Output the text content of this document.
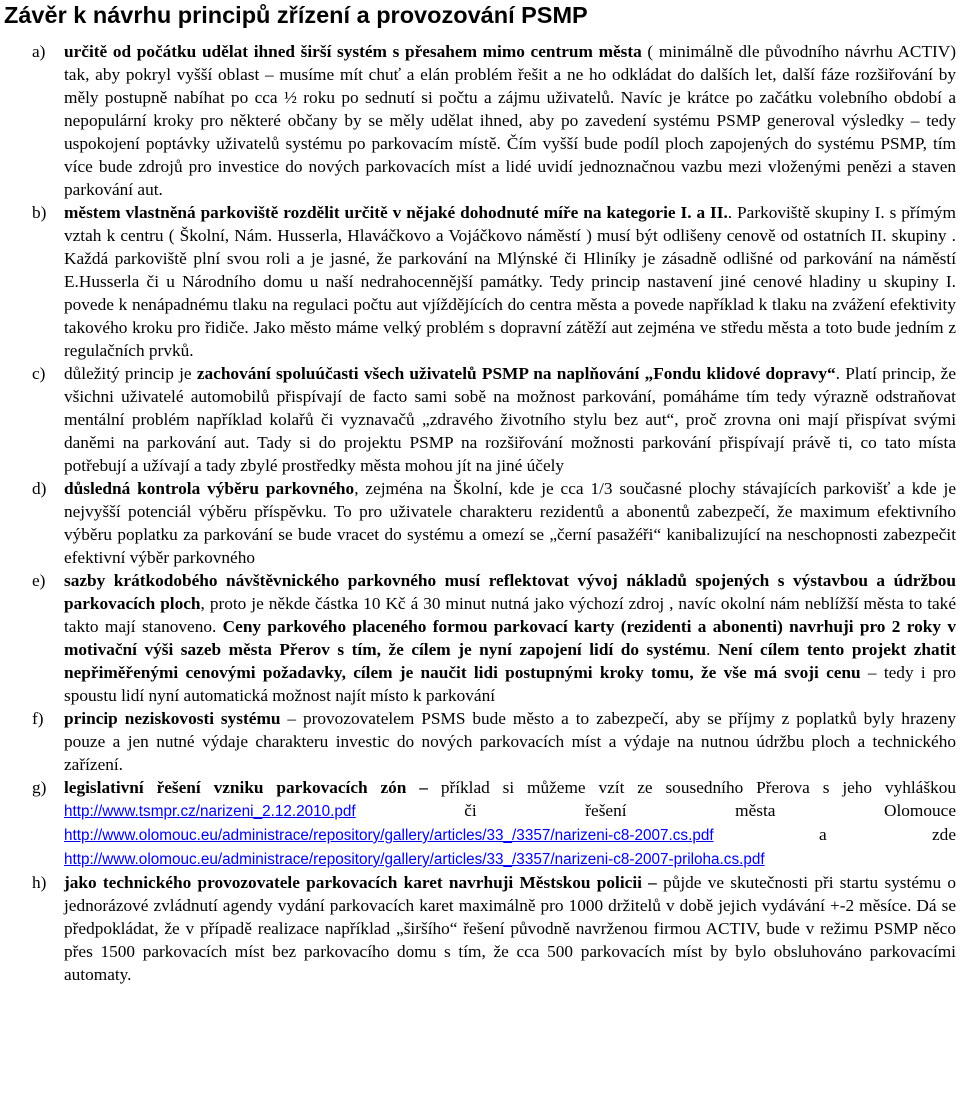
Závěr k návrhu principů zřízení a provozování PSMP
a) určitě od počátku udělat ihned širší systém s přesahem mimo centrum města ( minimálně dle původního návrhu ACTIV) tak, aby pokryl vyšší oblast – musíme mít chuť a elán problém řešit a ne ho odkládat do dalších let, další fáze rozšiřování by měly postupně nabíhat po cca ½ roku po sednutí si počtu a zájmu uživatelů. Navíc je krátce po začátku volebního období a nepopulární kroky pro některé občany by se měly udělat ihned, aby po zavedení systému PSMP generoval výsledky – tedy uspokojení poptávky uživatelů systému po parkovacím místě. Čím vyšší bude podíl ploch zapojených do systému PSMP, tím více bude zdrojů pro investice do nových parkovacích míst a lidé uvidí jednoznačnou vazbu mezi vloženými penězi a staven parkování aut.
b) městem vlastněná parkoviště rozdělit určitě v nějaké dohodnuté míře na kategorie I. a II.. Parkoviště skupiny I. s přímým vztah k centru ( Školní, Nám. Husserla, Hlaváčkovo a Vojáčkovo náměstí ) musí být odlišeny cenově od ostatních II. skupiny . Každá parkoviště plní svou roli a je jasné, že parkování na Mlýnské či Hliníky je zásadně odlišné od parkování na náměstí E.Husserla či u Národního domu u naší nedrahocennější památky. Tedy princip nastavení jiné cenové hladiny u skupiny I. povede k nenápadnému tlaku na regulaci počtu aut vjíždějících do centra města a povede například k tlaku na zvážení efektivity takového kroku pro řidiče. Jako město máme velký problém s dopravní zátěží aut zejména ve středu města a toto bude jedním z regulačních prvků.
c) důležitý princip je zachování spoluúčasti všech uživatelů PSMP na naplňování „Fondu klidové dopravy“. Platí princip, že všichni uživatelé automobilů přispívají de facto sami sobě na možnost parkování, pomáháme tím tedy výrazně odstraňovat mentální problém například kolařů či vyznavačů „zdravého životního stylu bez aut“, proč zrovna oni mají přispívat svými daněmi na parkování aut. Tady si do projektu PSMP na rozšiřování možnosti parkování přispívají právě ti, co tato místa potřebují a užívají a tady zbylé prostředky města mohou jít na jiné účely
d) důsledná kontrola výběru parkovného, zejména na Školní, kde je cca 1/3 současné plochy stávajících parkovišť a kde je nejvyšší potenciál výběru příspěvku. To pro uživatele charakteru rezidentů a abonentů zabezpečí, že maximum efektivního výběru poplatku za parkování se bude vracet do systému a omezí se „černí pasažéři“ kanibalizující na neschopnosti zabezpečit efektivní výběr parkovného
e) sazby krátkodobého návštěvnického parkovného musí reflektovat vývoj nákladů spojených s výstavbou a údržbou parkovacích ploch, proto je někde částka 10 Kč á 30 minut nutná jako výchozí zdroj , navíc okolní nám neblížší města to také takto mají stanoveno. Ceny parkového placeného formou parkovací karty (rezidenti a abonenti) navrhuji pro 2 roky v motivační výši sazeb města Přerov s tím, že cílem je nyní zapojení lidí do systému. Není cílem tento projekt zhatit nepřiměřenými cenovými požadavky, cílem je naučit lidi postupnými kroky tomu, že vše má svoji cenu – tedy i pro spoustu lidí nyní automatická možnost najít místo k parkování
f) princip neziskovosti systému – provozovatelem PSMS bude město a to zabezpečí, aby se příjmy z poplatků byly hrazeny pouze a jen nutné výdaje charakteru investic do nových parkovacích míst a výdaje na nutnou údržbu ploch a technického zařízení.
g) legislativní řešení vzniku parkovacích zón – příklad si můžeme vzít ze sousedního Přerova s jeho vyhláškou http://www.tsmpr.cz/narizeni_2.12.2010.pdf či řešení města Olomouce http://www.olomouc.eu/administrace/repository/gallery/articles/33_/3357/narizeni-c8-2007.cs.pdf a zde http://www.olomouc.eu/administrace/repository/gallery/articles/33_/3357/narizeni-c8-2007-priloha.cs.pdf
h) jako technického provozovatele parkovacích karet navrhuji Městskou policii – půjde ve skutečnosti při startu systému o jednorázové zvládnutí agendy vydání parkovacích karet maximálně pro 1000 držitelů v době jejich vydávání +-2 měsíce. Dá se předpokládat, že v případě realizace například „širšího“ řešení původně navrženou firmou ACTIV, bude v režimu PSMP něco přes 1500 parkovacích míst bez parkovacího domu s tím, že cca 500 parkovacích míst by bylo obsluhováno parkovacími automaty.
